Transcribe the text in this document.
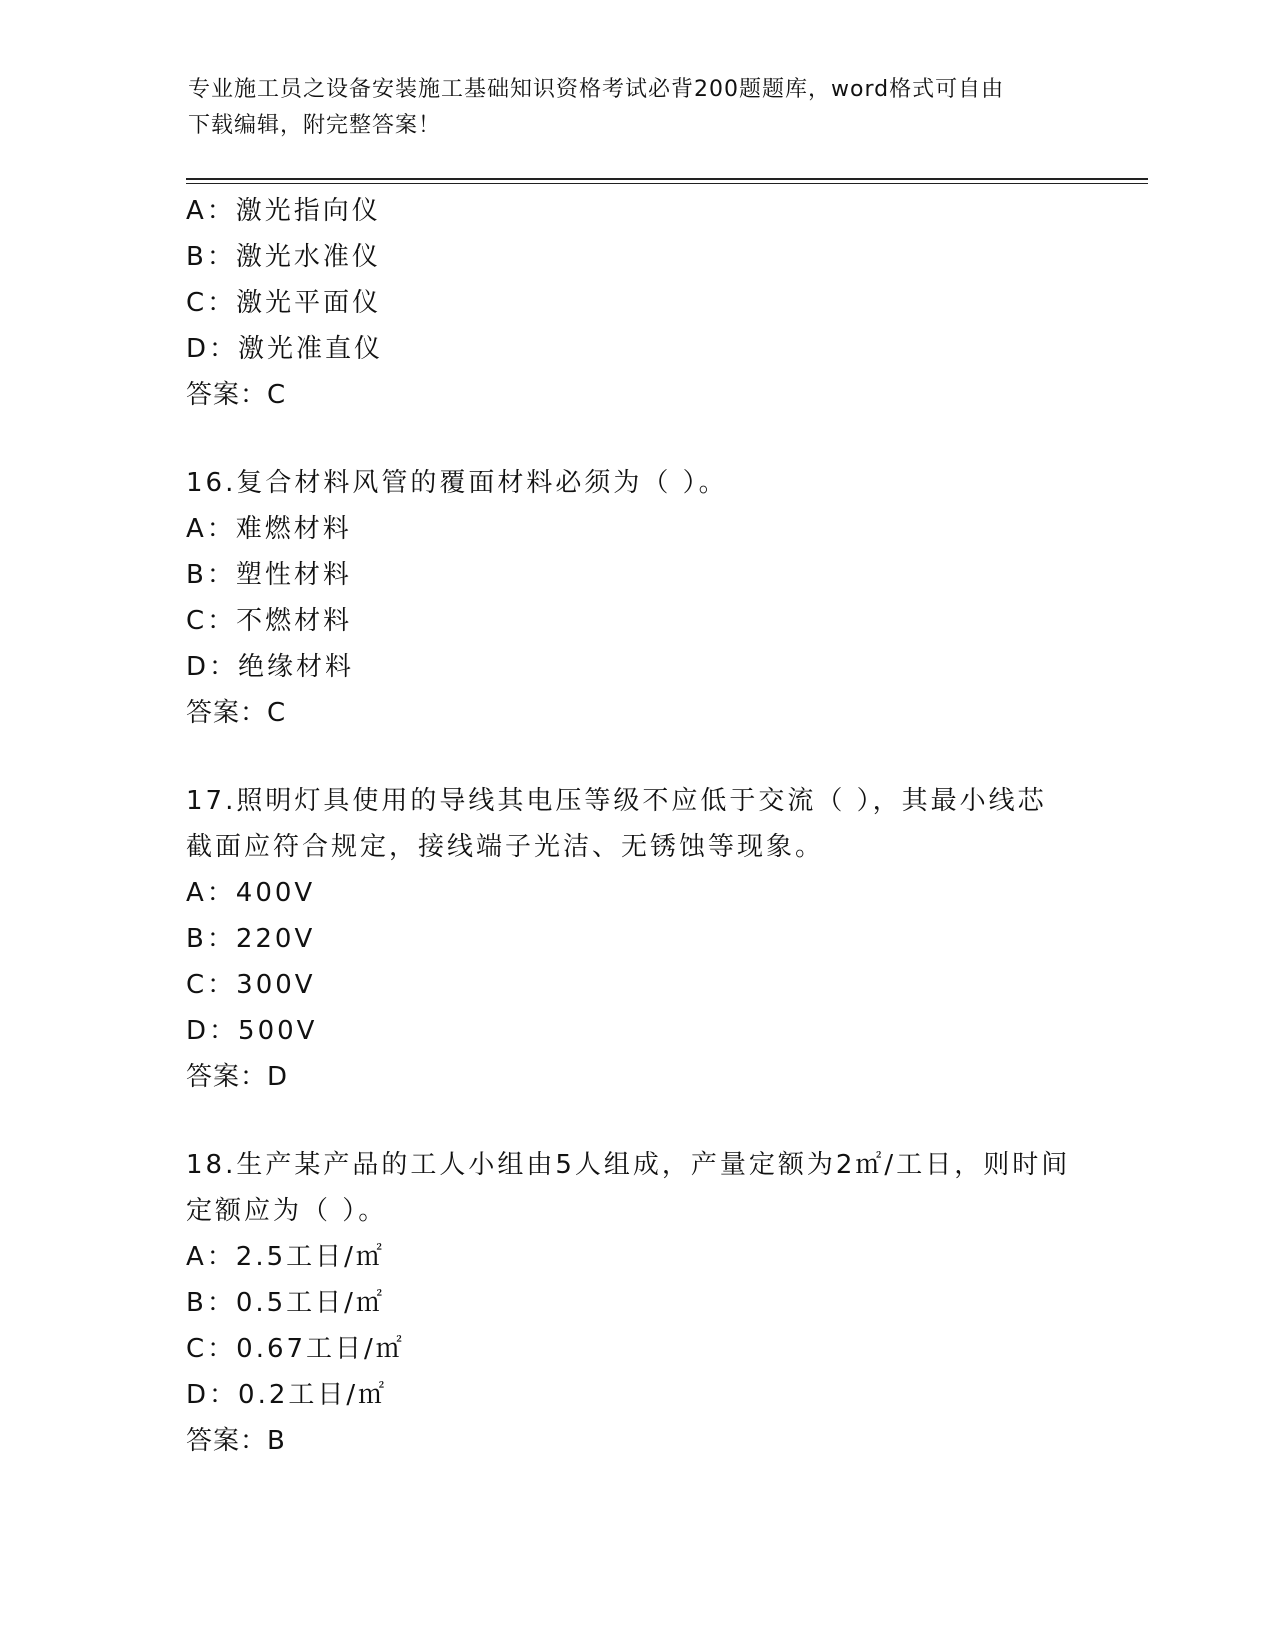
专业施工员之设备安装施工基础知识资格考试必背200题题库，word格式可自由
下载编辑，附完整答案！
A：激光指向仪
B：激光水准仪
C：激光平面仪
D：激光准直仪
答案：C
16.复合材料风管的覆面材料必须为（ ）。
A：难燃材料
B：塑性材料
C：不燃材料
D：绝缘材料
答案：C
17.照明灯具使用的导线其电压等级不应低于交流（ ），其最小线芯
截面应符合规定，接线端子光洁、无锈蚀等现象。
A：400V
B：220V
C：300V
D：500V
答案：D
18.生产某产品的工人小组由5人组成，产量定额为2㎡/工日，则时间
定额应为（ ）。
A：2.5工日/㎡
B：0.5工日/㎡
C：0.67工日/㎡
D：0.2工日/㎡
答案：B
